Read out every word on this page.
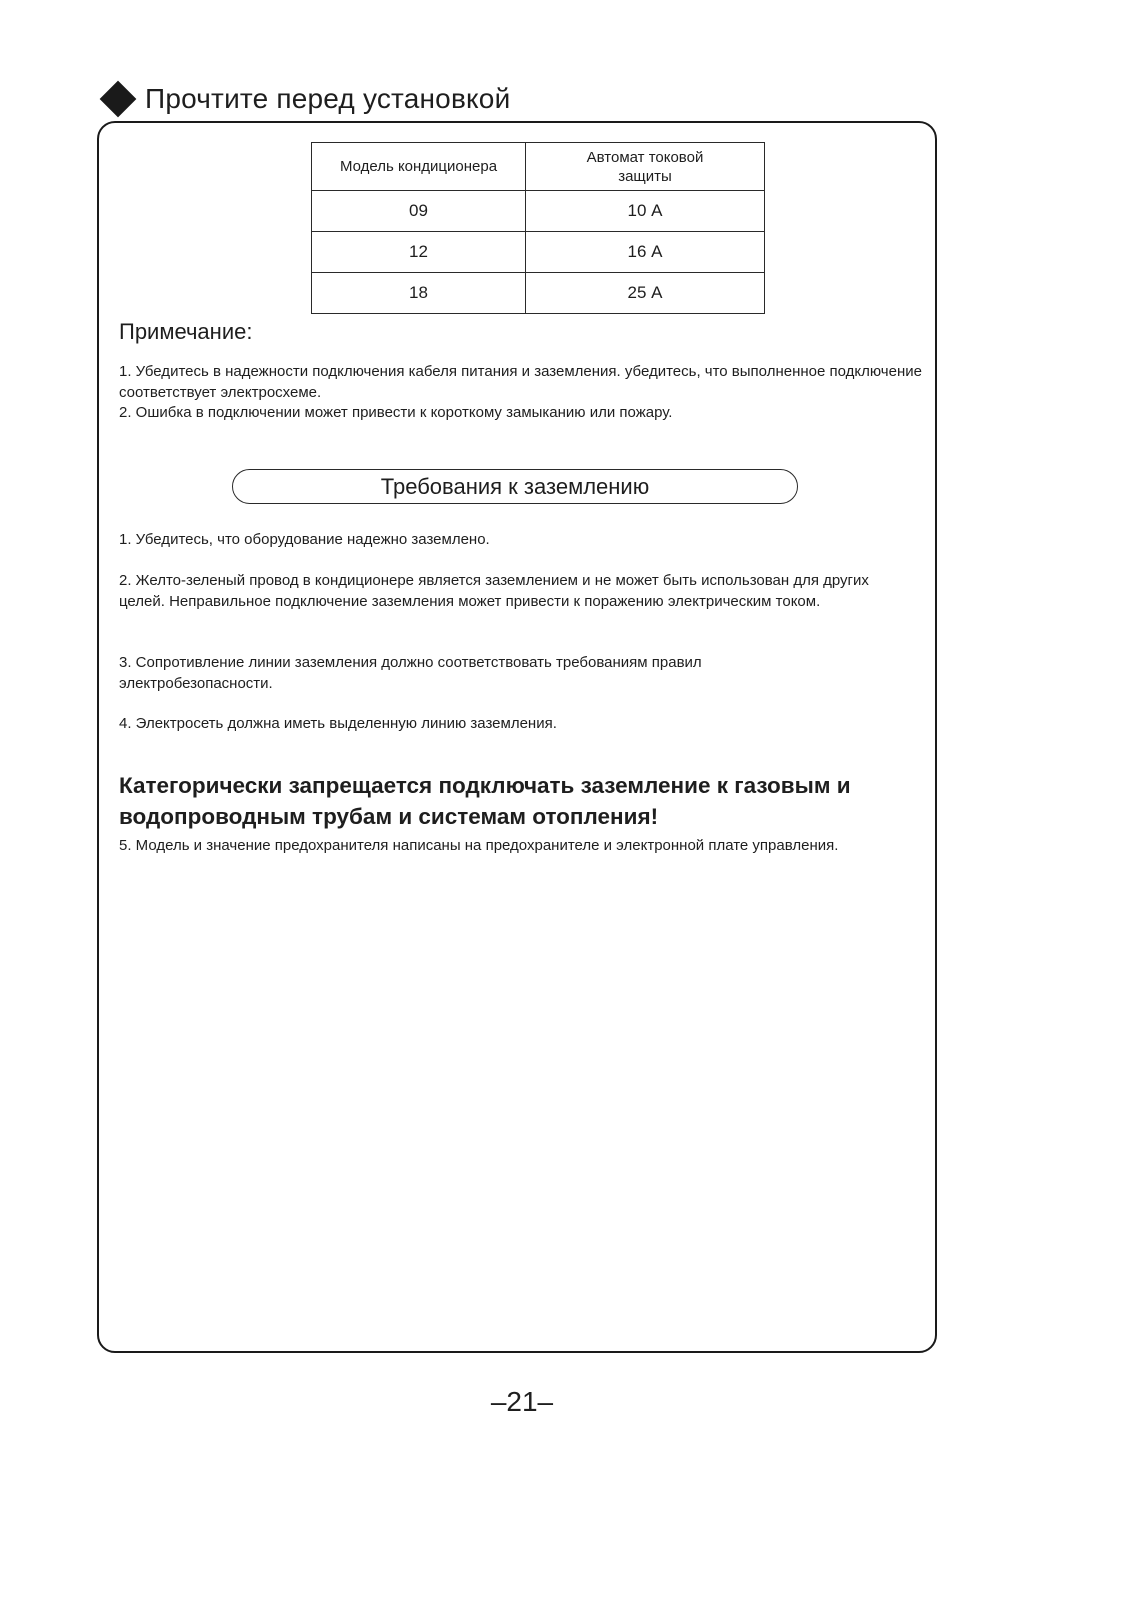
Прочтите перед установкой
Модель кондиционера	Автомат токовой защиты
09	10 А
12	16 А
18	25 А
Примечание:
1. Убедитесь в надежности подключения кабеля питания и заземления. убедитесь, что выполненное подключение соответствует электросхеме.
2. Ошибка в подключении может привести к короткому замыканию или пожару.
Требования к заземлению
1. Убедитесь, что оборудование надежно заземлено.
2. Желто-зеленый провод в кондиционере является заземлением и не может быть использован для других целей. Неправильное подключение заземления может привести к поражению электрическим током.
3. Сопротивление линии заземления должно соответствовать требованиям правил электробезопасности.
4. Электросеть должна иметь выделенную линию заземления.
Категорически запрещается подключать заземление к газовым и водопроводным трубам и системам отопления!
5. Модель и значение предохранителя написаны на предохранителе и электронной плате управления.
–21–
